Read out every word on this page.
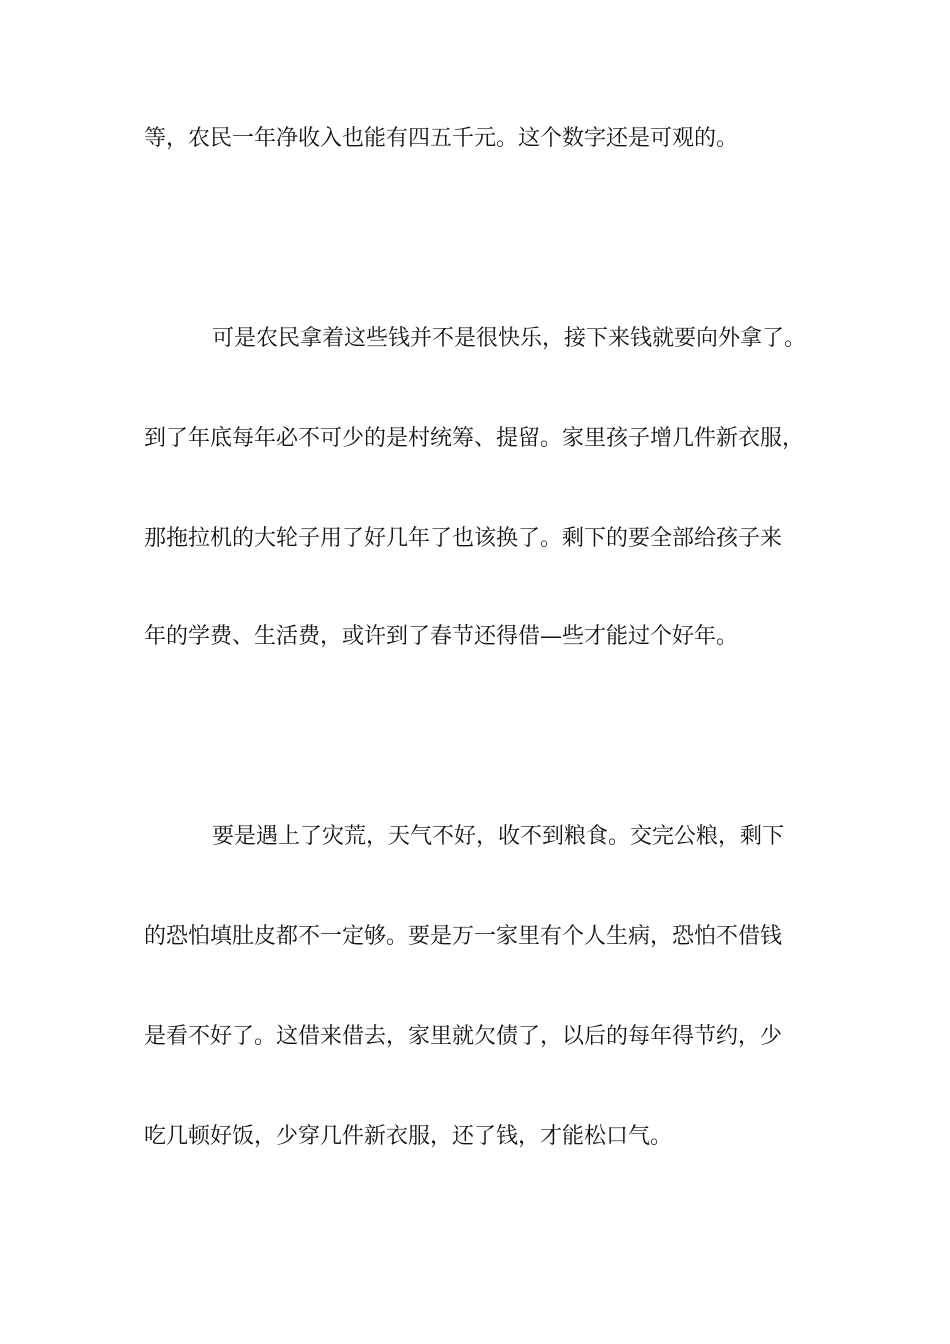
等，农民一年净收入也能有四五千元。这个数字还是可观的。

可是农民拿着这些钱并不是很快乐，接下来钱就要向外拿了。

到了年底每年必不可少的是村统筹、提留。家里孩子增几件新衣服，

那拖拉机的大轮子用了好几年了也该换了。剩下的要全部给孩子来

年的学费、生活费，或许到了春节还得借—些才能过个好年。

要是遇上了灾荒，天气不好，收不到粮食。交完公粮，剩下

的恐怕填肚皮都不一定够。要是万一家里有个人生病，恐怕不借钱

是看不好了。这借来借去，家里就欠债了，以后的每年得节约，少

吃几顿好饭，少穿几件新衣服，还了钱，才能松口气。
